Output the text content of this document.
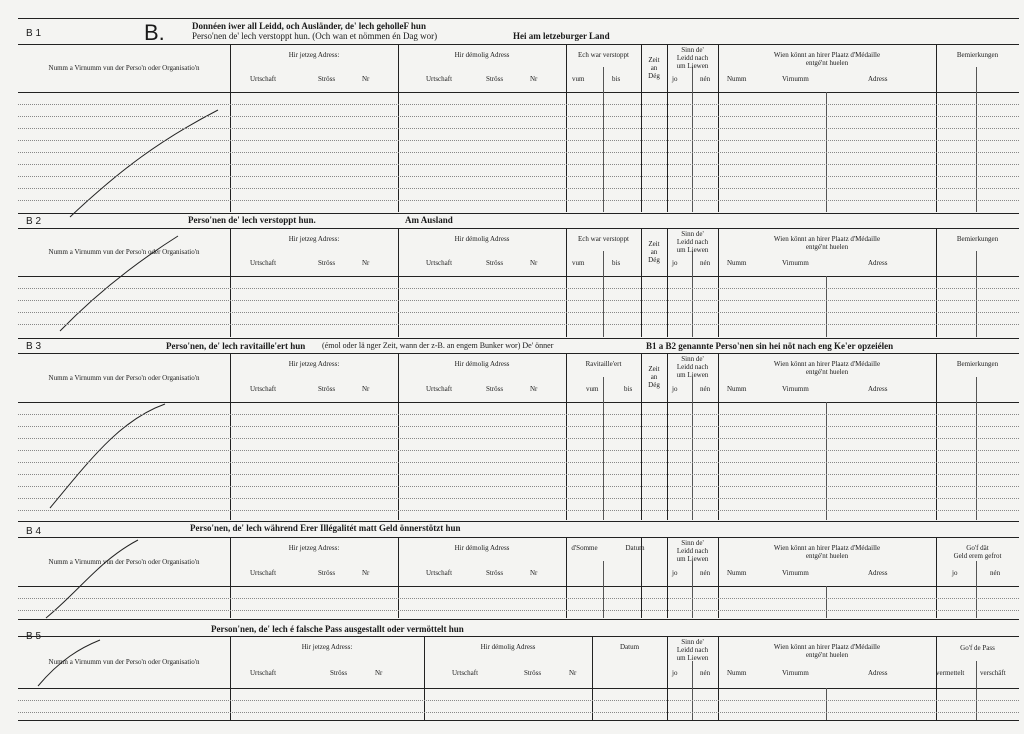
B 1	B.	Donnéen iwer all Leidd, och Ausländer, de' lech geholleF hun
Perso'nen de' lech verstoppt hun. (Och wan et nömmen én Dag wor)	Hei am letzeburger Land
B 2	Perso'nen de' lech verstoppt hun.	Am Ausland
B 3	Perso'nen, de' lech ravitaille'ert hun (émol oder lä nger Zeit, wann der z-B. an engem Bunker wor) De' önner	B1 a B2 genannte Perso'nen sin hei nöt nach eng Ke'er opzeiélen
B 4	Perso'nen, de' lech während Erer Illégalitét matt Geld önnerstötzt hun
B 5
Person'nen, de' lech é falsche Pass ausgestallt oder vermöttelt hun
Numm a Virnumm vun der Perso'n oder Organisatio'n
Hir jetzeg Adress:
Urtschaft	Ströss	Nr
Hir démolig Adress
Urtschaft	Ströss	Nr
Ech war verstoppt
vum	bis
Zeit
an
Dég
Sinn de'
Leidd nach
um Liewen
jo	nén
Wien könnt an hirer Plaatz d'Médaille
entgé'nt huelen
Numm	Virnumm	Adress
Bemierkungen
Numm a Virnumm vun der Perso'n oder Organisatio'n
Hir jetzeg Adress:
Urtschaft	Ströss	Nr
Hir démolig Adress
Urtschaft	Ströss	Nr
Ech war verstoppt
vum	bis
Zeit
an
Dég
Sinn de'
Leidd nach
um Liewen
jo	nén
Wien könnt an hirer Plaatz d'Médaille
entgé'nt huelen
Numm	Virnumm	Adress
Bemierkungen
Numm a Virnumm vun der Perso'n oder Organisatio'n
Hir jetzeg Adress:
Urtschaft	Ströss	Nr
Hir démolig Adress
Urtschaft	Ströss	Nr
Ravitaille'ert
vum	bis
Zeit
an
Dég
Sinn de'
Leidd nach
um Liewen
jo	nén
Wien könnt an hirer Plaatz d'Médaille
entgé'nt huelen
Numm	Virnumm	Adress
Bemierkungen
Numm a Virnumm vun der Perso'n oder Organisatio'n
Hir jetzeg Adress:
Urtschaft	Ströss	Nr
Hir démolig Adress
Urtschaft	Ströss	Nr
d'Somme	Datum
Sinn de'
Leidd nach
um Liewen
jo	nén
Wien könnt an hirer Plaatz d'Médaille
entgé'nt huelen
Numm	Virnumm	Adress
Go'f dät
Geld erem gefrot
jo	nén
Numm a Virnumm vun der Perso'n oder Organisatio'n
Hir jetzeg Adress:
Urtschaft	Ströss	Nr
Hir démolig Adress
Urtschaft	Ströss	Nr
Datum
Sinn de'
Leidd nach
um Liewen
jo	nén
Wien könnt an hirer Plaatz d'Médaille
entgé'nt huelen
Numm	Virnumm	Adress
Go'f de Pass
vermettelt verschäft
